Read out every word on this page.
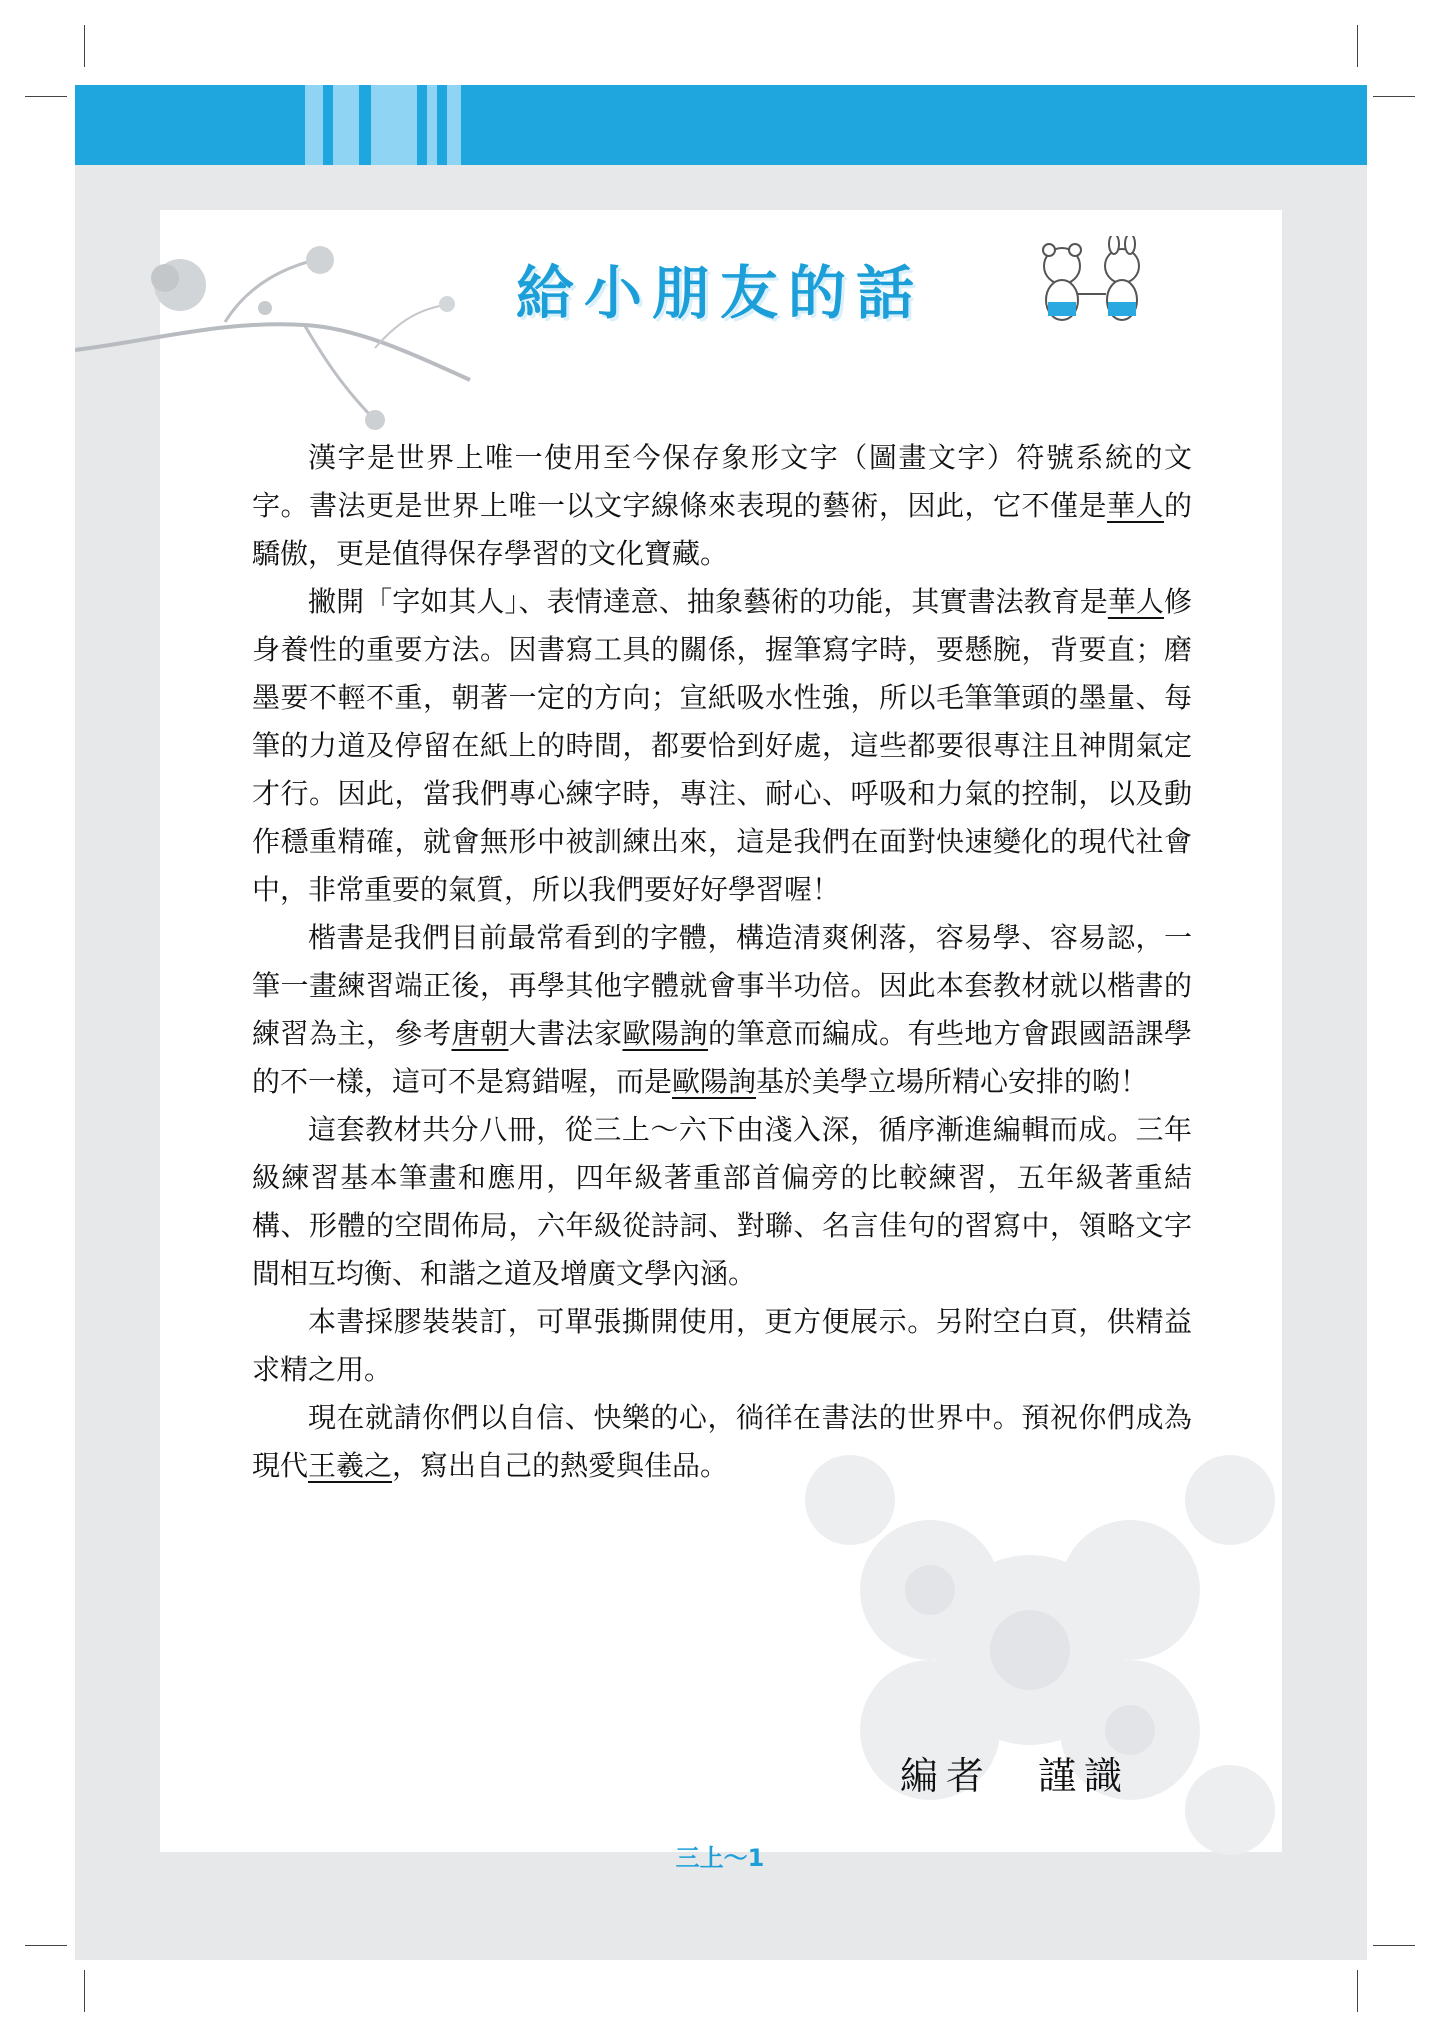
給小朋友的話

漢字是世界上唯一使用至今保存象形文字（圖畫文字）符號系統的文字。書法更是世界上唯一以文字線條來表現的藝術，因此，它不僅是華人的驕傲，更是值得保存學習的文化寶藏。

撇開「字如其人」、表情達意、抽象藝術的功能，其實書法教育是華人修身養性的重要方法。因書寫工具的關係，握筆寫字時，要懸腕，背要直；磨墨要不輕不重，朝著一定的方向；宣紙吸水性強，所以毛筆筆頭的墨量、每筆的力道及停留在紙上的時間，都要恰到好處，這些都要很專注且神閒氣定才行。因此，當我們專心練字時，專注、耐心、呼吸和力氣的控制，以及動作穩重精確，就會無形中被訓練出來，這是我們在面對快速變化的現代社會中，非常重要的氣質，所以我們要好好學習喔！

楷書是我們目前最常看到的字體，構造清爽俐落，容易學、容易認，一筆一畫練習端正後，再學其他字體就會事半功倍。因此本套教材就以楷書的練習為主，參考唐朝大書法家歐陽詢的筆意而編成。有些地方會跟國語課學的不一樣，這可不是寫錯喔，而是歐陽詢基於美學立場所精心安排的喲！

這套教材共分八冊，從三上～六下由淺入深，循序漸進編輯而成。三年級練習基本筆畫和應用，四年級著重部首偏旁的比較練習，五年級著重結構、形體的空間佈局，六年級從詩詞、對聯、名言佳句的習寫中，領略文字間相互均衡、和諧之道及增廣文學內涵。

本書採膠裝裝訂，可單張撕開使用，更方便展示。另附空白頁，供精益求精之用。

現在就請你們以自信、快樂的心，徜徉在書法的世界中。預祝你們成為現代王羲之，寫出自己的熱愛與佳品。

編者　謹識
三上～1
